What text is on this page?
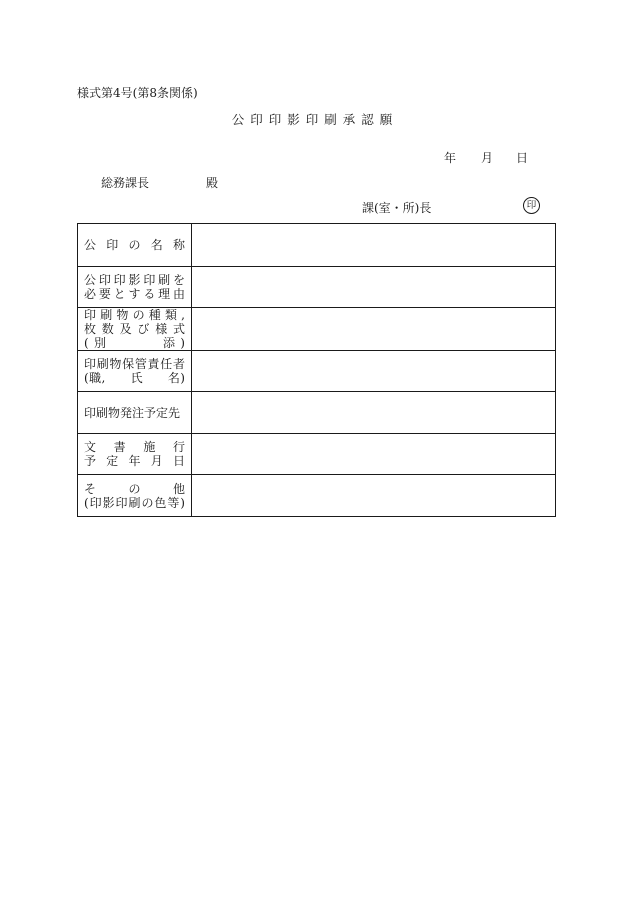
様式第4号(第8条関係)
公印印影印刷承認願
年 月 日
総務課長	殿
課(室・所)長	印
公印の名称	

公印印影印刷を
必要とする理由	

印刷物の種類,
枚数及び様式
(別　　　添)	

印刷物保管責任者
(職,　　氏　　名)	

印刷物発注予定先	

文　書　施　行
予定年月日	

そ　　の　　他
(印影印刷の色等)	
